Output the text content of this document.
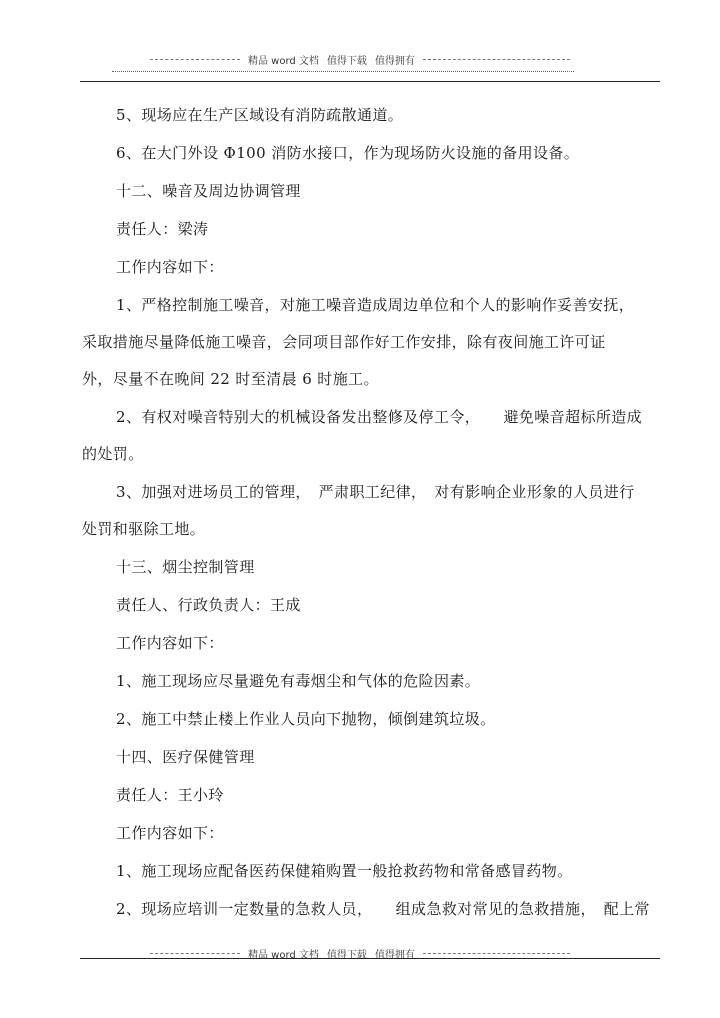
精品 word 文档 值得下载 值得拥有

5、现场应在生产区域设有消防疏散通道。

6、在大门外设 Φ100 消防水接口，作为现场防火设施的备用设备。

十二、噪音及周边协调管理

责任人：梁涛

工作内容如下：

1、严格控制施工噪音，对施工噪音造成周边单位和个人的影响作妥善安抚，
采取措施尽量降低施工噪音，会同项目部作好工作安排，除有夜间施工许可证
外，尽量不在晚间 22 时至清晨 6 时施工。

2、有权对噪音特别大的机械设备发出整修及停工令，　　避免噪音超标所造成
的处罚。

3、加强对进场员工的管理，　严肃职工纪律，　对有影响企业形象的人员进行
处罚和驱除工地。

十三、烟尘控制管理

责任人、行政负责人：王成

工作内容如下：

1、施工现场应尽量避免有毒烟尘和气体的危险因素。

2、施工中禁止楼上作业人员向下抛物，倾倒建筑垃圾。

十四、医疗保健管理

责任人：王小玲

工作内容如下：

1、施工现场应配备医药保健箱购置一般抢救药物和常备感冒药物。

2、现场应培训一定数量的急救人员，　　组成急救对常见的急救措施，　配上常

精品 word 文档 值得下载 值得拥有
